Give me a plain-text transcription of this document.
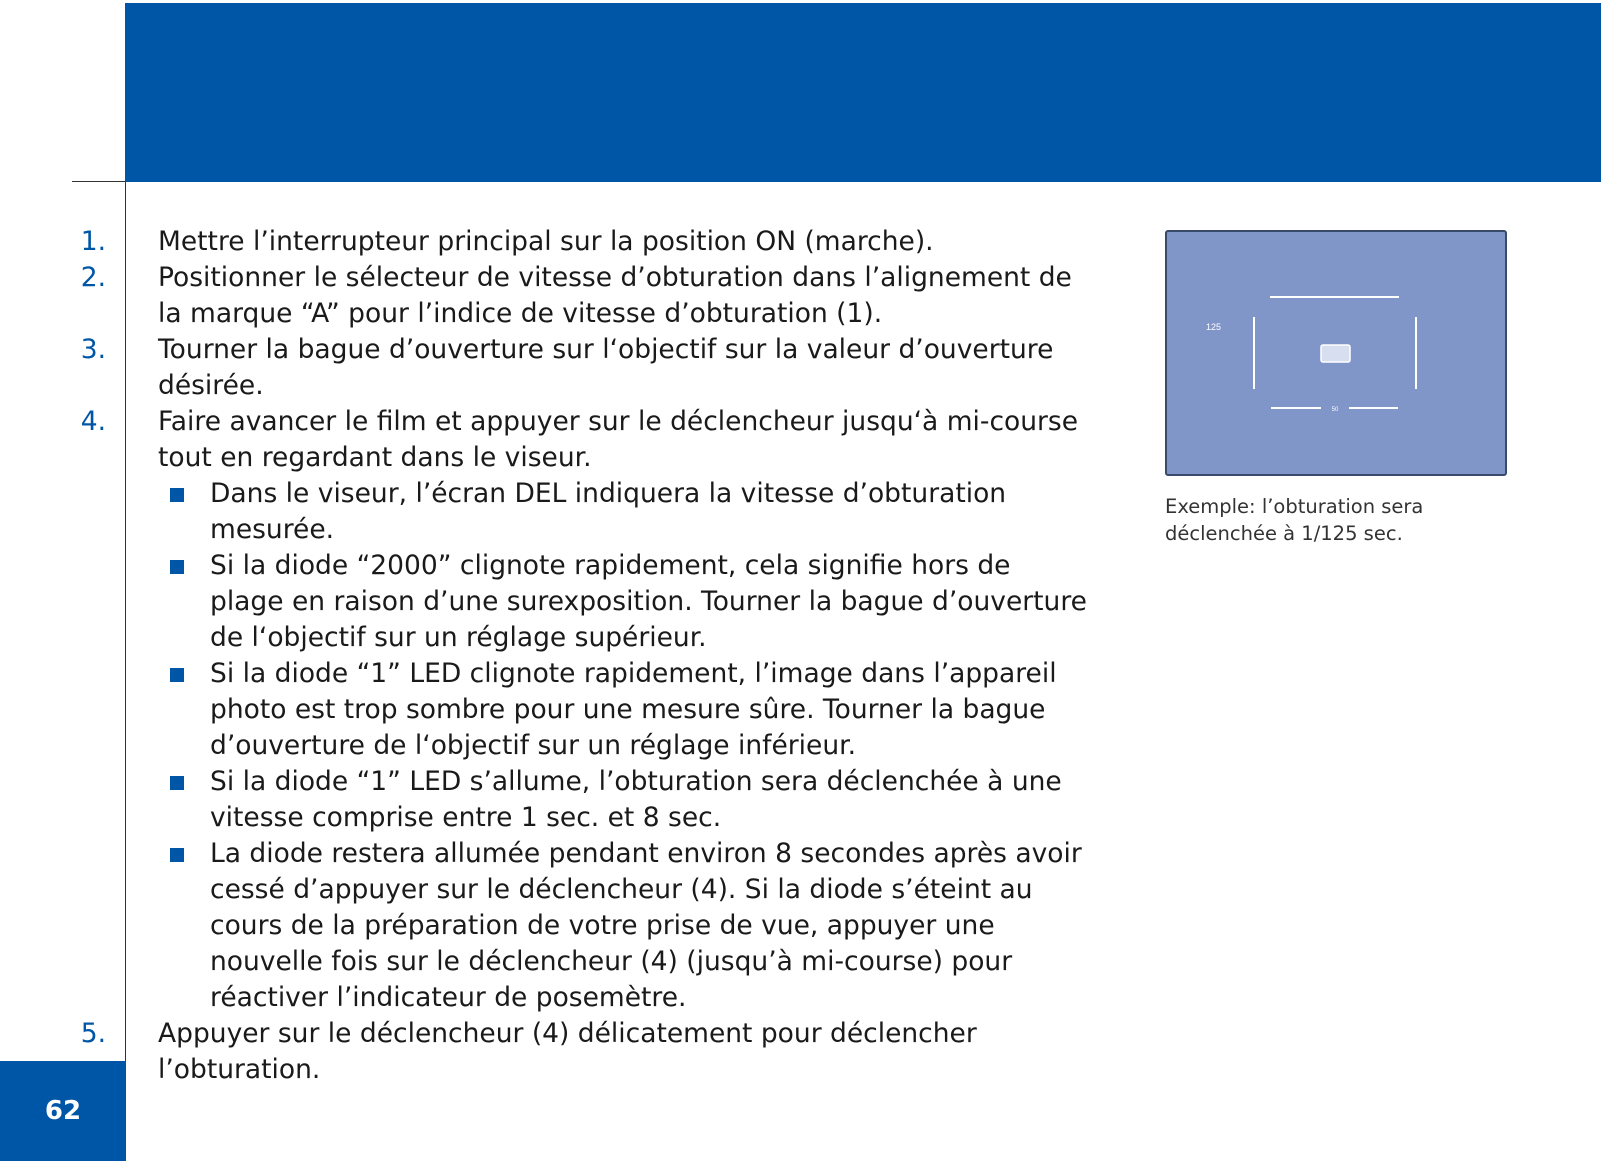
1. Mettre l’interrupteur principal sur la position ON (marche).
2. Positionner le sélecteur de vitesse d’obturation dans l’alignement de la marque “A” pour l’indice de vitesse d’obturation (1).
3. Tourner la bague d’ouverture sur l‘objectif sur la valeur d’ouverture désirée.
4. Faire avancer le film et appuyer sur le déclencheur jusqu‘à mi-course tout en regardant dans le viseur.
Dans le viseur, l’écran DEL indiquera la vitesse d’obturation mesurée.
Si la diode “2000” clignote rapidement, cela signifie hors de plage en raison d’une surexposition. Tourner la bague d’ouverture de l‘objectif sur un réglage supérieur.
Si la diode “1” LED clignote rapidement, l’image dans l’appareil photo est trop sombre pour une mesure sûre. Tourner la bague d’ouverture de l‘objectif sur un réglage inférieur.
Si la diode “1” LED s’allume, l’obturation sera déclenchée à une vitesse comprise entre 1 sec. et 8 sec.
La diode restera allumée pendant environ 8 secondes après avoir cessé d’appuyer sur le déclencheur (4). Si la diode s’éteint au cours de la préparation de votre prise de vue, appuyer une nouvelle fois sur le déclencheur (4) (jusqu’à mi-course) pour réactiver l’indicateur de posemètre.
5. Appuyer sur le déclencheur (4) délicatement pour déclencher l’obturation.
125
50
Exemple: l’obturation sera déclenchée à 1/125 sec.
62
